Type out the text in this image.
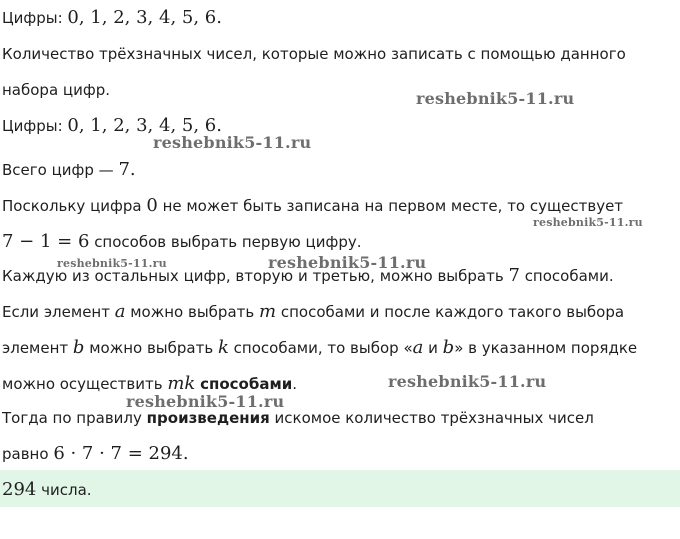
Цифры: 0, 1, 2, 3, 4, 5, 6.
Количество трёхзначных чисел, которые можно записать с помощью данного
набора цифр.
Цифры: 0, 1, 2, 3, 4, 5, 6.
Всего цифр — 7.
Поскольку цифра 0 не может быть записана на первом месте, то существует
7 − 1 = 6 способов выбрать первую цифру.
Каждую из остальных цифр, вторую и третью, можно выбрать 7 способами.
Если элемент a можно выбрать m способами и после каждого такого выбора
элемент b можно выбрать k способами, то выбор «a и b» в указанном порядке
можно осуществить mk способами.
Тогда по правилу произведения искомое количество трёхзначных чисел
равно 6 · 7 · 7 = 294.
294 числа.
reshebnik5-11.ru
reshebnik5-11.ru
reshebnik5-11.ru
reshebnik5-11.ru	reshebnik5-11.ru
reshebnik5-11.ru
reshebnik5-11.ru
